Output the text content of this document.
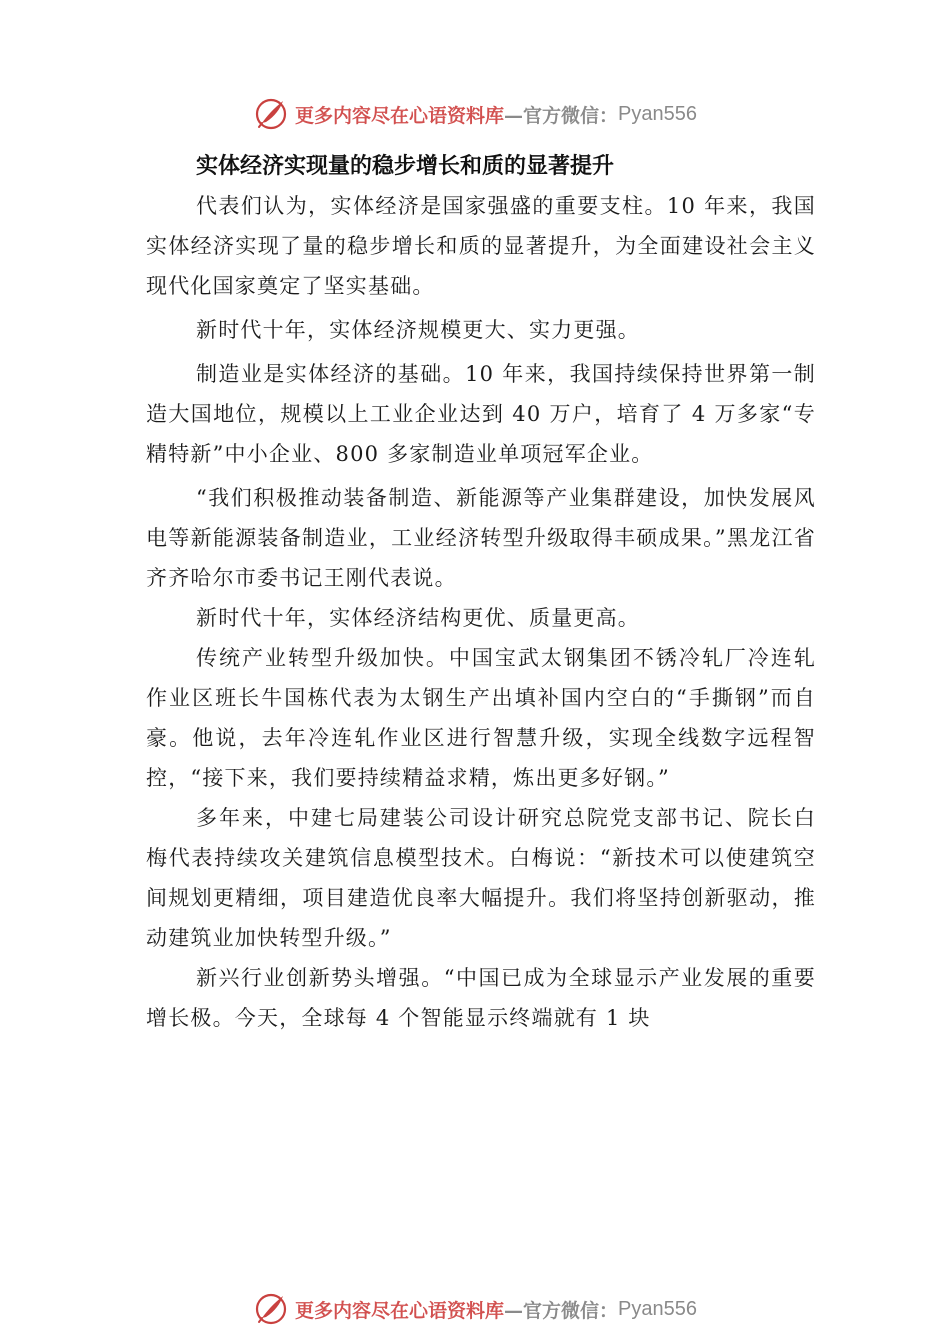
更多内容尽在心语资料库 —官方微信： Pyan556
实体经济实现量的稳步增长和质的显著提升

代表们认为，实体经济是国家强盛的重要支柱。10 年来，我国实体经济实现了量的稳步增长和质的显著提升，为全面建设社会主义现代化国家奠定了坚实基础。

新时代十年，实体经济规模更大、实力更强。

制造业是实体经济的基础。10 年来，我国持续保持世界第一制造大国地位，规模以上工业企业达到 40 万户，培育了 4 万多家“专精特新”中小企业、800 多家制造业单项冠军企业。

“我们积极推动装备制造、新能源等产业集群建设，加快发展风电等新能源装备制造业，工业经济转型升级取得丰硕成果。”黑龙江省齐齐哈尔市委书记王刚代表说。

新时代十年，实体经济结构更优、质量更高。

传统产业转型升级加快。中国宝武太钢集团不锈冷轧厂冷连轧作业区班长牛国栋代表为太钢生产出填补国内空白的“手撕钢”而自豪。他说，去年冷连轧作业区进行智慧升级，实现全线数字远程智控，“接下来，我们要持续精益求精，炼出更多好钢。”

多年来，中建七局建装公司设计研究总院党支部书记、院长白梅代表持续攻关建筑信息模型技术。白梅说：“新技术可以使建筑空间规划更精细，项目建造优良率大幅提升。我们将坚持创新驱动，推动建筑业加快转型升级。”

新兴行业创新势头增强。“中国已成为全球显示产业发展的重要增长极。今天，全球每 4 个智能显示终端就有 1 块

更多内容尽在心语资料库 —官方微信： Pyan556
